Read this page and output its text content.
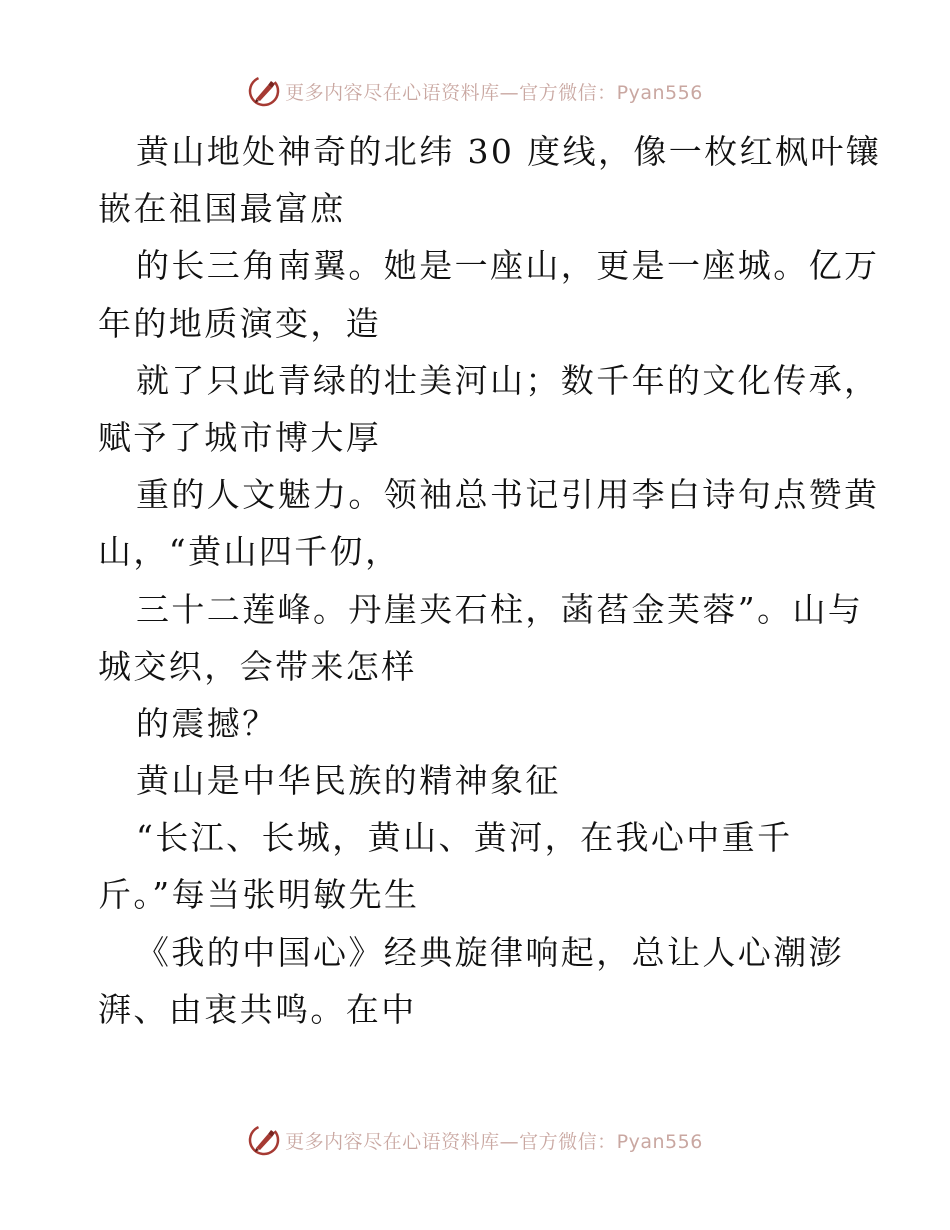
更多内容尽在心语资料库—官方微信：Pyan556
黄山地处神奇的北纬 30 度线，像一枚红枫叶镶
嵌在祖国最富庶
的长三角南翼。她是一座山，更是一座城。亿万
年的地质演变，造
就了只此青绿的壮美河山；数千年的文化传承，
赋予了城市博大厚
重的人文魅力。领袖总书记引用李白诗句点赞黄
山，“黄山四千仞，
三十二莲峰。丹崖夹石柱，菡萏金芙蓉”。山与
城交织，会带来怎样
的震撼？
黄山是中华民族的精神象征
“长江、长城，黄山、黄河，在我心中重千
斤。”每当张明敏先生
《我的中国心》经典旋律响起，总让人心潮澎
湃、由衷共鸣。在中
更多内容尽在心语资料库—官方微信：Pyan556
